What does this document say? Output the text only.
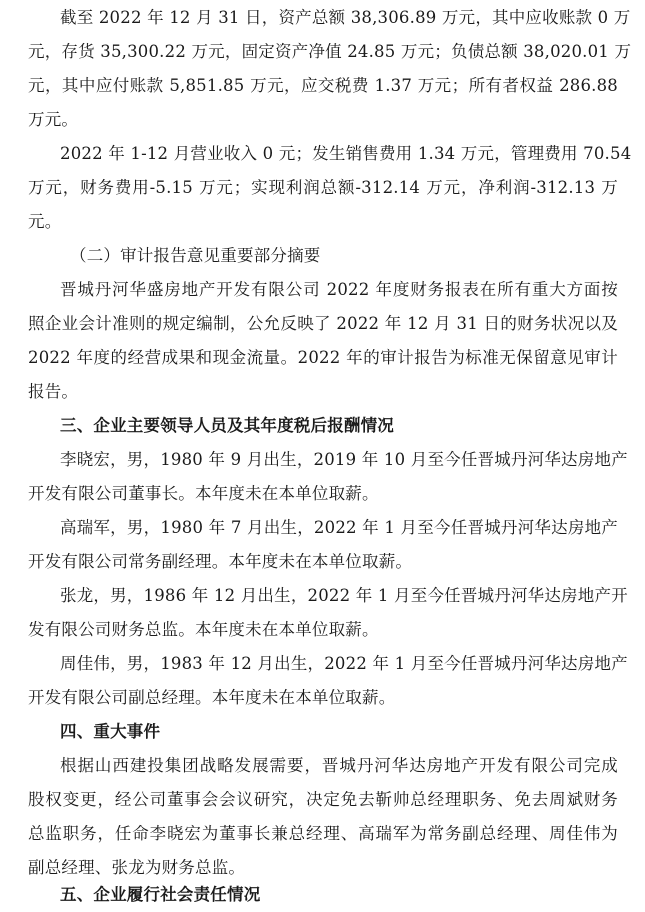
截至 2022 年 12 月 31 日，资产总额 38,306.89 万元，其中应收账款 0 万
元，存货 35,300.22 万元，固定资产净值 24.85 万元；负债总额 38,020.01 万
元，其中应付账款 5,851.85 万元，应交税费 1.37 万元；所有者权益 286.88
万元。
2022 年 1-12 月营业收入 0 元；发生销售费用 1.34 万元，管理费用 70.54
万元，财务费用-5.15 万元；实现利润总额-312.14 万元，净利润-312.13 万
元。
（二）审计报告意见重要部分摘要
晋城丹河华盛房地产开发有限公司 2022 年度财务报表在所有重大方面按
照企业会计准则的规定编制，公允反映了 2022 年 12 月 31 日的财务状况以及
2022 年度的经营成果和现金流量。2022 年的审计报告为标准无保留意见审计
报告。
三、企业主要领导人员及其年度税后报酬情况
李晓宏，男，1980 年 9 月出生，2019 年 10 月至今任晋城丹河华达房地产
开发有限公司董事长。本年度未在本单位取薪。
高瑞军，男，1980 年 7 月出生，2022 年 1 月至今任晋城丹河华达房地产
开发有限公司常务副经理。本年度未在本单位取薪。
张龙，男，1986 年 12 月出生，2022 年 1 月至今任晋城丹河华达房地产开
发有限公司财务总监。本年度未在本单位取薪。
周佳伟，男，1983 年 12 月出生，2022 年 1 月至今任晋城丹河华达房地产
开发有限公司副总经理。本年度未在本单位取薪。
四、重大事件
根据山西建投集团战略发展需要，晋城丹河华达房地产开发有限公司完成
股权变更，经公司董事会会议研究，决定免去靳帅总经理职务、免去周斌财务
总监职务，任命李晓宏为董事长兼总经理、高瑞军为常务副总经理、周佳伟为
副总经理、张龙为财务总监。
五、企业履行社会责任情况
